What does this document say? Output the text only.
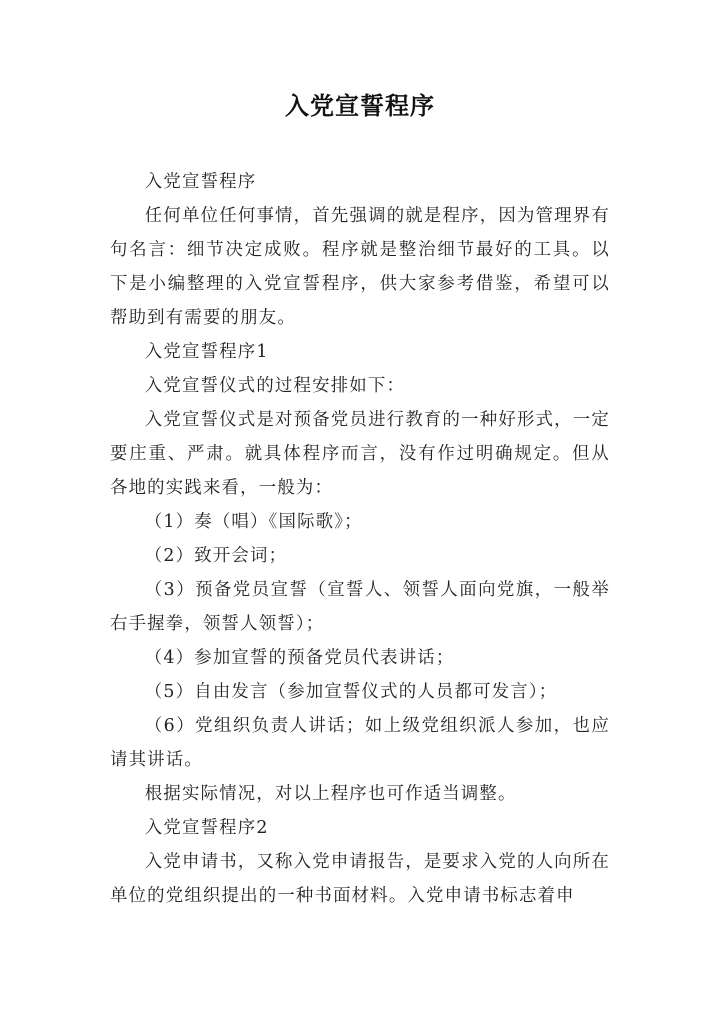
入党宣誓程序

入党宣誓程序

任何单位任何事情，首先强调的就是程序，因为管理界有句名言：细节决定成败。程序就是整治细节最好的工具。以下是小编整理的入党宣誓程序，供大家参考借鉴，希望可以帮助到有需要的朋友。

入党宣誓程序1

入党宣誓仪式的过程安排如下：

入党宣誓仪式是对预备党员进行教育的一种好形式，一定要庄重、严肃。就具体程序而言，没有作过明确规定。但从各地的实践来看，一般为：

（1）奏（唱）《国际歌》；

（2）致开会词；

（3）预备党员宣誓（宣誓人、领誓人面向党旗，一般举右手握拳，领誓人领誓）；

（4）参加宣誓的预备党员代表讲话；

（5）自由发言（参加宣誓仪式的人员都可发言）；

（6）党组织负责人讲话；如上级党组织派人参加，也应请其讲话。

根据实际情况，对以上程序也可作适当调整。

入党宣誓程序2

入党申请书，又称入党申请报告，是要求入党的人向所在单位的党组织提出的一种书面材料。入党申请书标志着申
